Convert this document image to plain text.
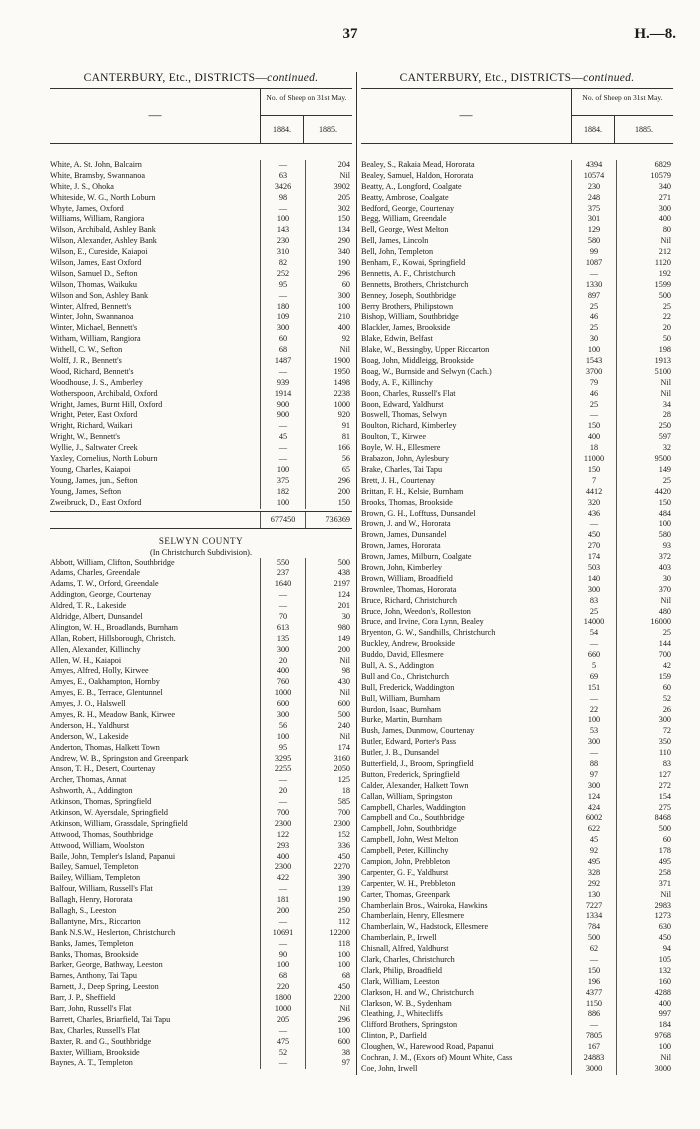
37	H.—8.
CANTERBURY, Etc., DISTRICTS—continued.
—
No. of Sheep on 31st May.
1884.	1885.
White, A. St. John, Balcairn	—	204
White, Bramsby, Swannanoa	63	Nil
White, J. S., Ohoka	3426	3902
Whiteside, W. G., North Loburn	98	205
Whyte, James, Oxford	—	302
Williams, William, Rangiora	100	150
Wilson, Archibald, Ashley Bank	143	134
Wilson, Alexander, Ashley Bank	230	290
Wilson, E., Cureside, Kaiapoi	310	340
Wilson, James, East Oxford	82	190
Wilson, Samuel D., Sefton	252	296
Wilson, Thomas, Waikuku	95	60
Wilson and Son, Ashley Bank	—	300
Winter, Alfred, Bennett's	180	100
Winter, John, Swannanoa	109	210
Winter, Michael, Bennett's	300	400
Witham, William, Rangiora	60	92
Withell, C. W., Sefton	68	Nil
Wolff, J. R., Bennett's	1487	1900
Wood, Richard, Bennett's	—	1950
Woodhouse, J. S., Amberley	939	1498
Wotherspoon, Archibald, Oxford	1914	2238
Wright, James, Burnt Hill, Oxford	900	1000
Wright, Peter, East Oxford	900	920
Wright, Richard, Waikari	—	91
Wright, W., Bennett's	45	81
Wyllie, J., Saltwater Creek	—	166
Yaxley, Cornelius, North Loburn	—	56
Young, Charles, Kaiapoi	100	65
Young, James, jun., Sefton	375	296
Young, James, Sefton	182	200
Zweibruck, D., East Oxford	100	150
677450	736369
SELWYN COUNTY
(In Christchurch Subdivision).
Abbott, William, Clifton, Southbridge	550	500
Adams, Charles, Greendale	237	438
Adams, T. W., Orford, Greendale	1640	2197
Addington, George, Courtenay	—	124
Aldred, T. R., Lakeside	—	201
Aldridge, Albert, Dunsandel	70	30
Alington, W. H., Broadlands, Burnham	613	980
Allan, Robert, Hillsborough, Christch.	135	149
Allen, Alexander, Killinchy	300	200
Allen, W. H., Kaiapoi	20	Nil
Amyes, Alfred, Holly, Kirwee	400	98
Amyes, E., Oakhampton, Hornby	760	430
Amyes, E. B., Terrace, Glentunnel	1000	Nil
Amyes, J. O., Halswell	600	600
Amyes, R. H., Meadow Bank, Kirwee	300	500
Anderson, H., Yaldhurst	56	240
Anderson, W., Lakeside	100	Nil
Anderton, Thomas, Halkett Town	95	174
Andrew, W. B., Springston and Greenpark	3295	3160
Anson, T. H., Desert, Courtenay	2255	2050
Archer, Thomas, Annat	—	125
Ashworth, A., Addington	20	18
Atkinson, Thomas, Springfield	—	585
Atkinson, W. Ayersdale, Springfield	700	700
Atkinson, William, Grassdale, Springfield	2300	2300
Attwood, Thomas, Southbridge	122	152
Attwood, William, Woolston	293	336
Baile, John, Templer's Island, Papanui	400	450
Bailey, Samuel, Templeton	2300	2270
Bailey, William, Templeton	422	390
Balfour, William, Russell's Flat	—	139
Ballagh, Henry, Hororata	181	190
Ballagh, S., Leeston	200	250
Ballantyne, Mrs., Riccarton	—	112
Bank N.S.W., Heslerton, Christchurch	10691	12200
Banks, James, Templeton	—	118
Banks, Thomas, Brookside	90	100
Barker, George, Bathway, Leeston	100	100
Barnes, Anthony, Tai Tapu	68	68
Barnett, J., Deep Spring, Leeston	220	450
Barr, J. P., Sheffield	1800	2200
Barr, John, Russell's Flat	1000	Nil
Barrett, Charles, Briarfield, Tai Tapu	205	296
Bax, Charles, Russell's Flat	—	100
Baxter, R. and G., Southbridge	475	600
Baxter, William, Brookside	52	38
Baynes, A. T., Templeton	—	97
CANTERBURY, Etc., DISTRICTS—continued.
—
No. of Sheep on 31st May.
1884.	1885.
Bealey, S., Rakaia Mead, Hororata	4394	6829
Bealey, Samuel, Haldon, Hororata	10574	10579
Beatty, A., Longford, Coalgate	230	340
Beatty, Ambrose, Coalgate	248	271
Bedford, George, Courtenay	375	300
Begg, William, Greendale	301	400
Bell, George, West Melton	129	80
Bell, James, Lincoln	580	Nil
Bell, John, Templeton	99	212
Benham, F., Kowai, Springfield	1087	1120
Bennetts, A. F., Christchurch	—	192
Bennetts, Brothers, Christchurch	1330	1599
Benney, Joseph, Southbridge	897	500
Berry Brothers, Philipstown	25	25
Bishop, William, Southbridge	46	22
Blackler, James, Brookside	25	20
Blake, Edwin, Belfast	30	50
Blake, W., Bessingby, Upper Riccarton	100	198
Boag, John, Middleigg, Brookside	1543	1913
Boag, W., Burnside and Selwyn (Cach.)	3700	5100
Body, A. F., Killinchy	79	Nil
Boon, Charles, Russell's Flat	46	Nil
Boon, Edward, Yaldhurst	25	34
Boswell, Thomas, Selwyn	—	28
Boulton, Richard, Kimberley	150	250
Boulton, T., Kirwee	400	597
Boyle, W. H., Ellesmere	18	32
Brabazon, John, Aylesbury	11000	9500
Brake, Charles, Tai Tapu	150	149
Brett, J. H., Courtenay	7	25
Brittan, F. H., Kelsie, Burnham	4412	4420
Brooks, Thomas, Brookside	320	150
Brown, G. H., Lofftuss, Dunsandel	436	484
Brown, J. and W., Hororata	—	100
Brown, James, Dunsandel	450	580
Brown, James, Hororata	270	93
Brown, James, Milburn, Coalgate	174	372
Brown, John, Kimberley	503	403
Brown, William, Broadfield	140	30
Brownlee, Thomas, Hororata	300	370
Bruce, Richard, Christchurch	83	Nil
Bruce, John, Weedon's, Rolleston	25	480
Bruce, and Irvine, Cora Lynn, Bealey	14000	16000
Bryenton, G. W., Sandhills, Christchurch	54	25
Buckley, Andrew, Brookside	—	144
Buddo, David, Ellesmere	660	700
Bull, A. S., Addington	5	42
Bull and Co., Christchurch	69	159
Bull, Frederick, Waddington	151	60
Bull, William, Burnham	—	52
Burdon, Isaac, Burnham	22	26
Burke, Martin, Burnham	100	300
Bush, James, Dunmow, Courtenay	53	72
Butler, Edward, Porter's Pass	300	350
Butler, J. B., Dunsandel	—	110
Butterfield, J., Broom, Springfield	88	83
Button, Frederick, Springfield	97	127
Calder, Alexander, Halkett Town	300	272
Callan, William, Springston	124	154
Campbell, Charles, Waddington	424	275
Campbell and Co., Southbridge	6002	8468
Campbell, John, Southbridge	622	500
Campbell, John, West Melton	45	60
Campbell, Peter, Killinchy	92	178
Campion, John, Prebbleton	495	495
Carpenter, G. F., Yaldhurst	328	258
Carpenter, W. H., Prebbleton	292	371
Carter, Thomas, Greenpark	130	Nil
Chamberlain Bros., Wairoka, Hawkins	7227	2983
Chamberlain, Henry, Ellesmere	1334	1273
Chamberlain, W., Hadstock, Ellesmere	784	630
Chamberlain, P., Irwell	500	450
Chisnall, Alfred, Yaldhurst	62	94
Clark, Charles, Christchurch	—	105
Clark, Philip, Broadfield	150	132
Clark, William, Leeston	196	160
Clarkson, H. and W., Christchurch	4377	4288
Clarkson, W. B., Sydenham	1150	400
Cleathing, J., Whitecliffs	886	997
Clifford Brothers, Springston	—	184
Clinton, P., Darfield	7805	9768
Cloughen, W., Harewood Road, Papanui	167	100
Cochran, J. M., (Exors of) Mount White, Cass	24883	Nil
Coe, John, Irwell	3000	3000
